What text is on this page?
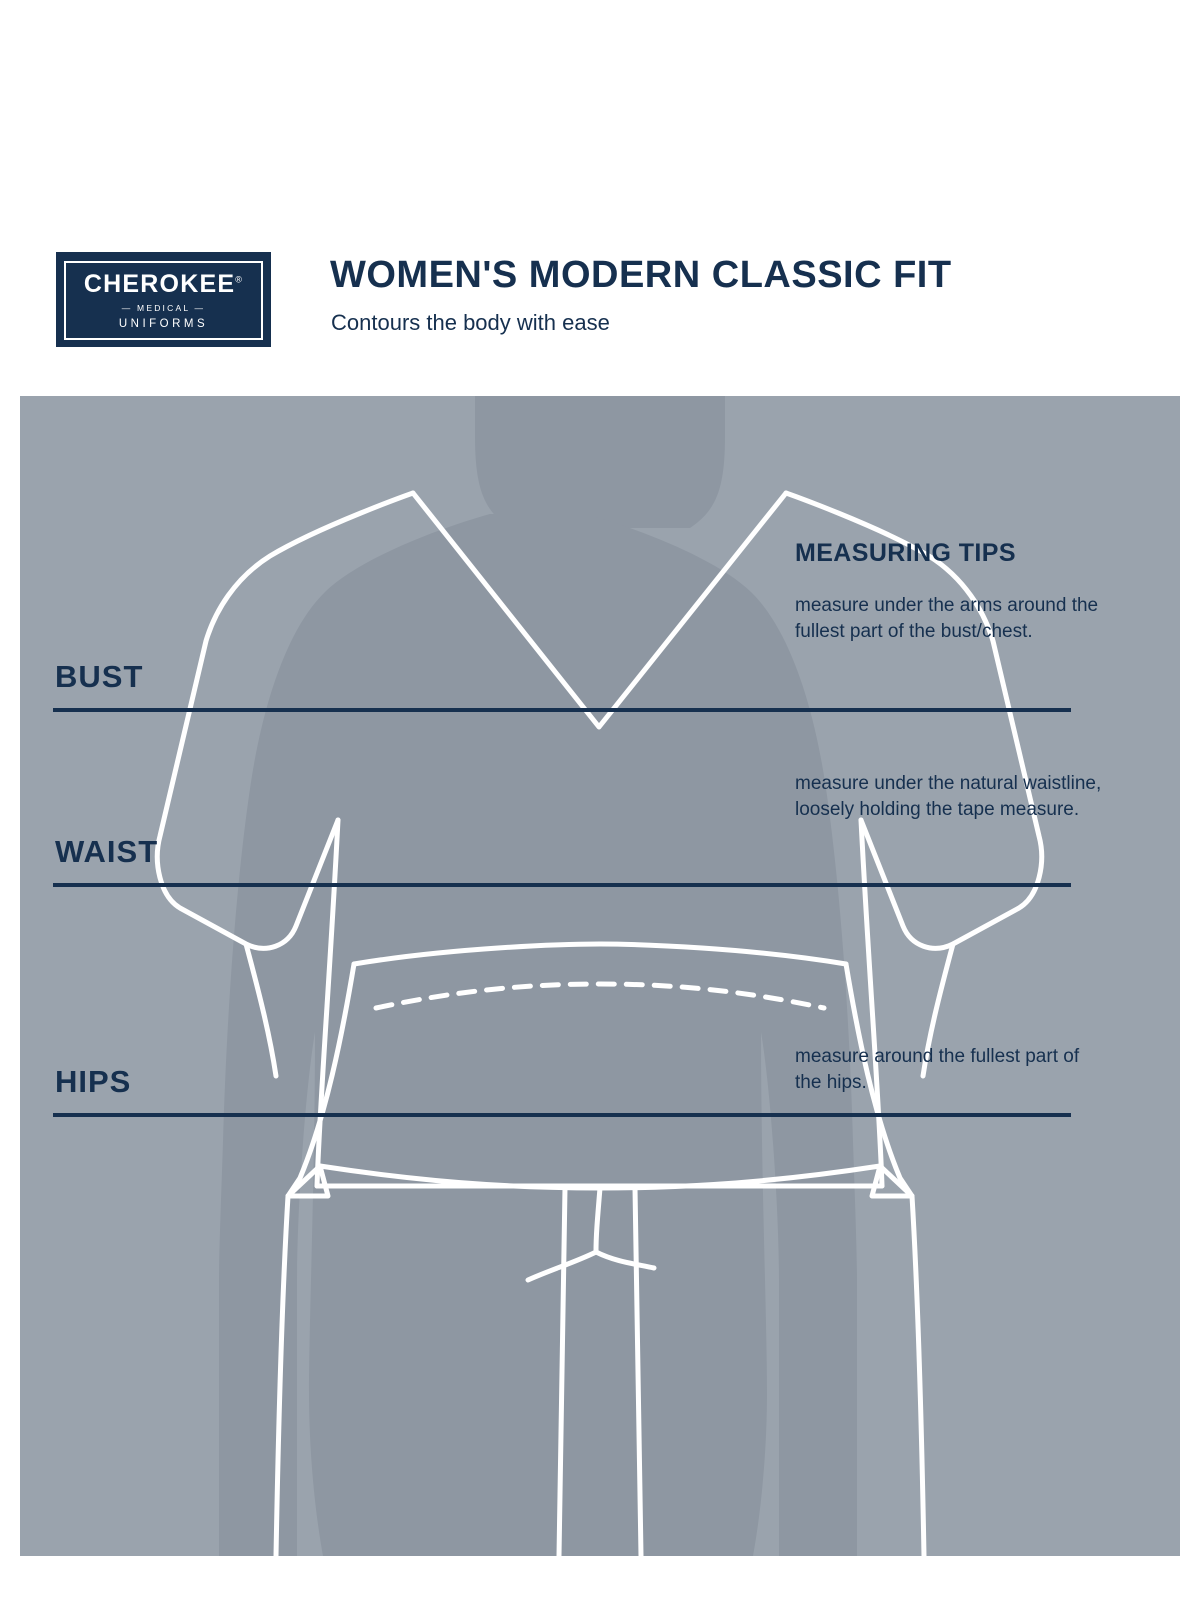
CHEROKEE®
— MEDICAL —
UNIFORMS
WOMEN'S MODERN CLASSIC FIT
Contours the body with ease
BUST
WAIST
HIPS
MEASURING TIPS
measure under the arms around the fullest part of the bust/chest.
measure under the natural waistline, loosely holding the tape measure.
measure around the fullest part of the hips.
